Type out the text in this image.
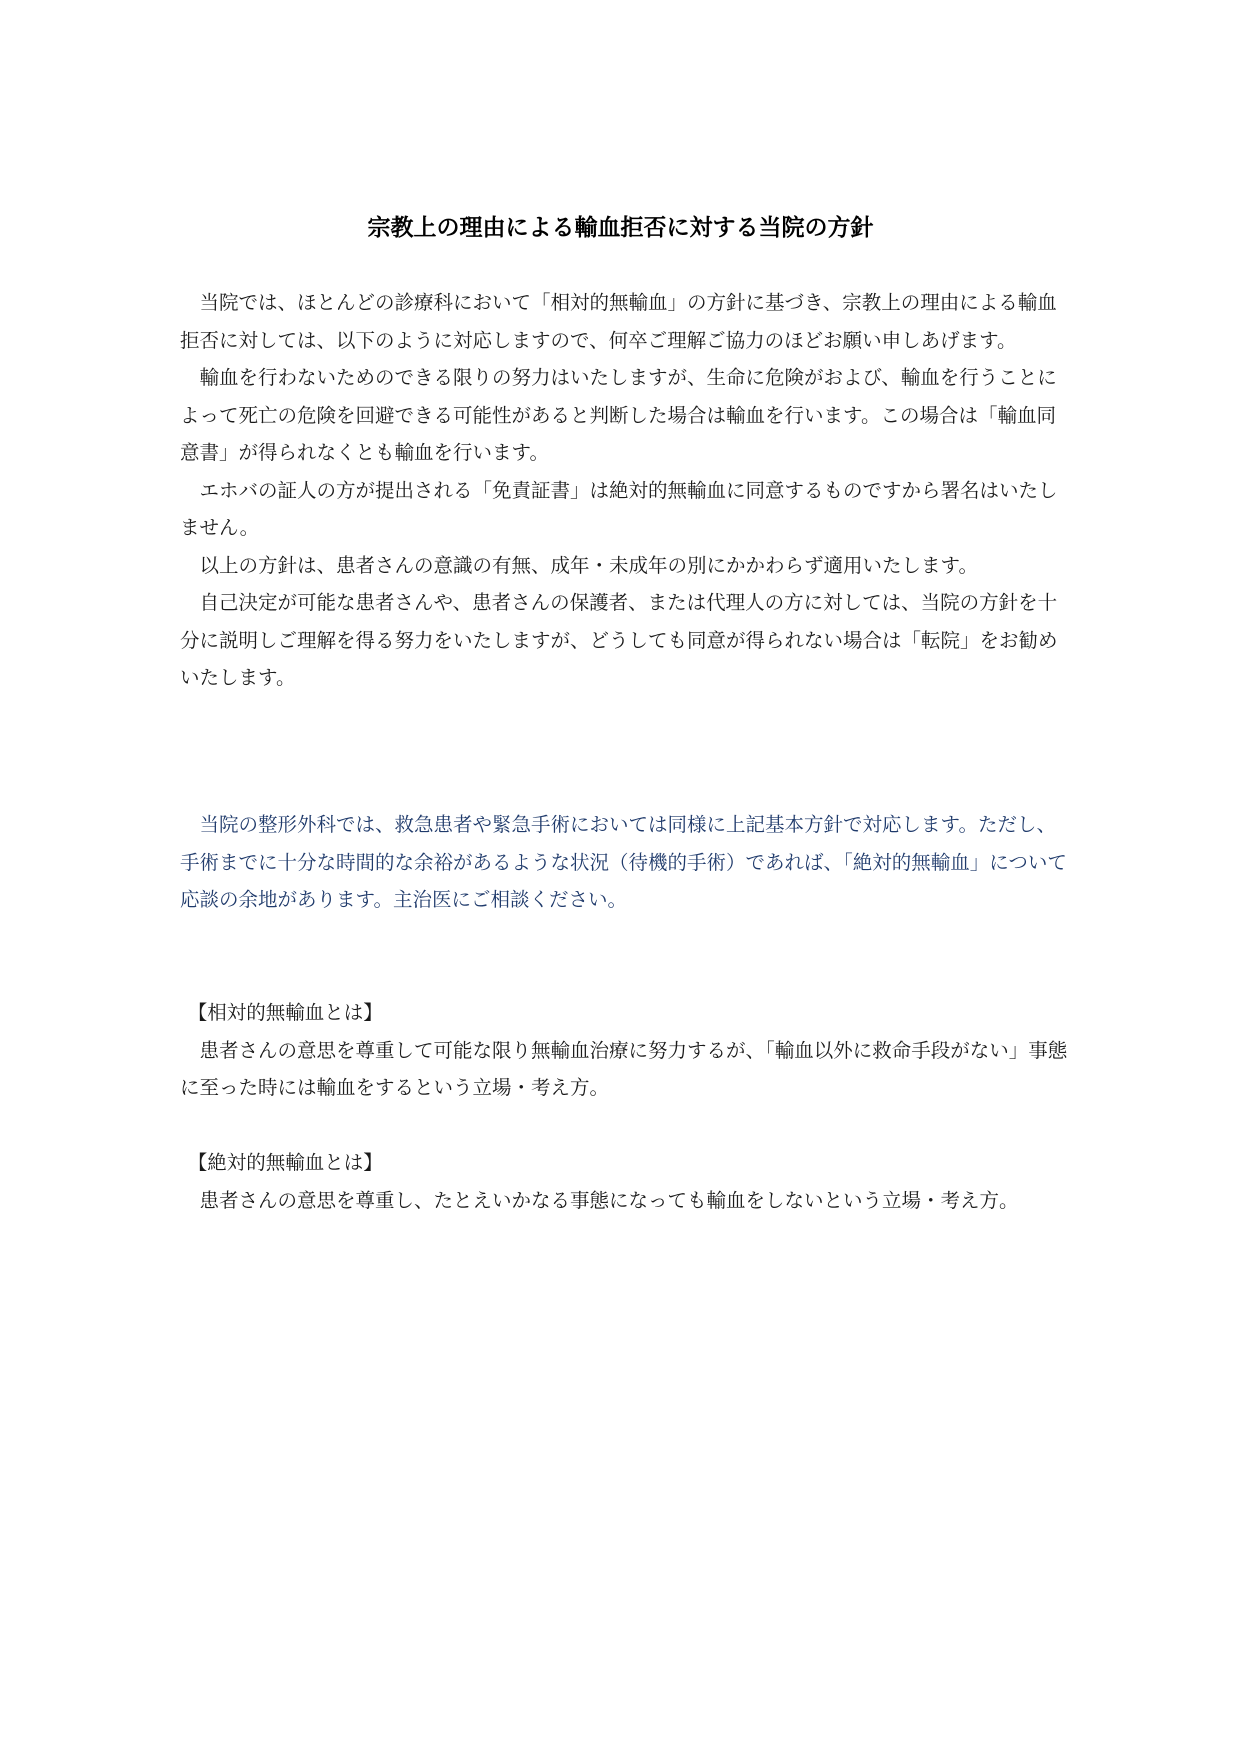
宗教上の理由による輸血拒否に対する当院の方針

当院では、ほとんどの診療科において「相対的無輸血」の方針に基づき、宗教上の理由による輸血拒否に対しては、以下のように対応しますので、何卒ご理解ご協力のほどお願い申しあげます。

輸血を行わないためのできる限りの努力はいたしますが、生命に危険がおよび、輸血を行うことによって死亡の危険を回避できる可能性があると判断した場合は輸血を行います。この場合は「輸血同意書」が得られなくとも輸血を行います。

エホバの証人の方が提出される「免責証書」は絶対的無輸血に同意するものですから署名はいたしません。

以上の方針は、患者さんの意識の有無、成年・未成年の別にかかわらず適用いたします。

自己決定が可能な患者さんや、患者さんの保護者、または代理人の方に対しては、当院の方針を十分に説明しご理解を得る努力をいたしますが、どうしても同意が得られない場合は「転院」をお勧めいたします。

当院の整形外科では、救急患者や緊急手術においては同様に上記基本方針で対応します。ただし、手術までに十分な時間的な余裕があるような状況（待機的手術）であれば、「絶対的無輸血」について応談の余地があります。主治医にご相談ください。

【相対的無輸血とは】

患者さんの意思を尊重して可能な限り無輸血治療に努力するが、「輸血以外に救命手段がない」事態に至った時には輸血をするという立場・考え方。

【絶対的無輸血とは】

患者さんの意思を尊重し、たとえいかなる事態になっても輸血をしないという立場・考え方。
